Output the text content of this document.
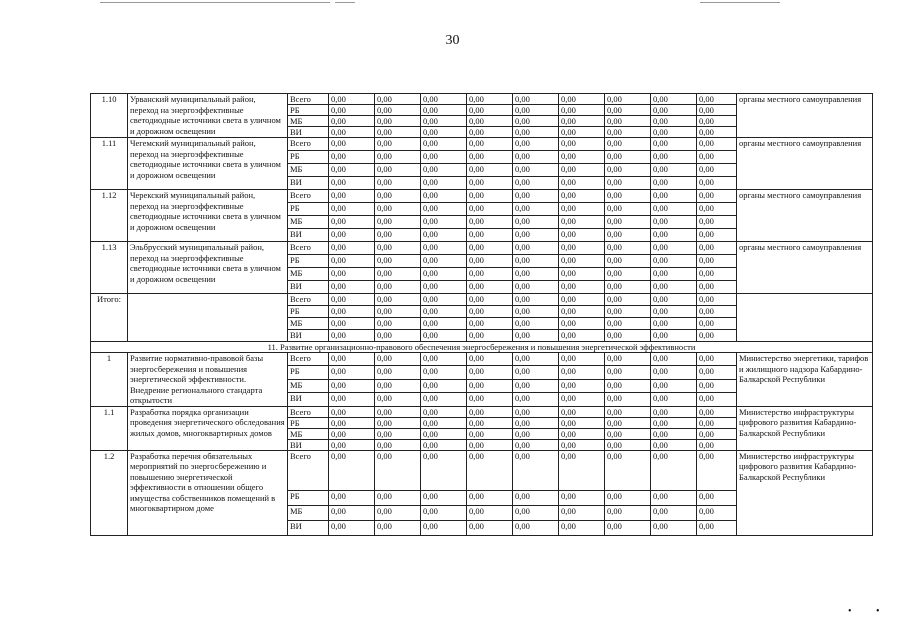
30
1.10	Урванский муниципальный район, переход на энергоэффективные светодиодные источники света в уличном и дорожном освещении	Всего	0,00	0,00	0,00	0,00	0,00	0,00	0,00	0,00	0,00	органы местного самоуправления
		РБ	0,00	0,00	0,00	0,00	0,00	0,00	0,00	0,00	0,00	
		МБ	0,00	0,00	0,00	0,00	0,00	0,00	0,00	0,00	0,00	
		ВИ	0,00	0,00	0,00	0,00	0,00	0,00	0,00	0,00	0,00	
1.11	Чегемский муниципальный район, переход на энергоэффективные светодиодные источники света в уличном и дорожном освещении	Всего	0,00	0,00	0,00	0,00	0,00	0,00	0,00	0,00	0,00	органы местного самоуправления
		РБ	0,00	0,00	0,00	0,00	0,00	0,00	0,00	0,00	0,00	
		МБ	0,00	0,00	0,00	0,00	0,00	0,00	0,00	0,00	0,00	
		ВИ	0,00	0,00	0,00	0,00	0,00	0,00	0,00	0,00	0,00	
1.12	Черекский муниципальный район, переход на энергоэффективные светодиодные источники света в уличном и дорожном освещении	Всего	0,00	0,00	0,00	0,00	0,00	0,00	0,00	0,00	0,00	органы местного самоуправления
		РБ	0,00	0,00	0,00	0,00	0,00	0,00	0,00	0,00	0,00	
		МБ	0,00	0,00	0,00	0,00	0,00	0,00	0,00	0,00	0,00	
		ВИ	0,00	0,00	0,00	0,00	0,00	0,00	0,00	0,00	0,00	
1.13	Эльбрусский муниципальный район, переход на энергоэффективные светодиодные источники света в уличном и дорожном освещении	Всего	0,00	0,00	0,00	0,00	0,00	0,00	0,00	0,00	0,00	органы местного самоуправления
		РБ	0,00	0,00	0,00	0,00	0,00	0,00	0,00	0,00	0,00	
		МБ	0,00	0,00	0,00	0,00	0,00	0,00	0,00	0,00	0,00	
		ВИ	0,00	0,00	0,00	0,00	0,00	0,00	0,00	0,00	0,00	
Итого:		Всего	0,00	0,00	0,00	0,00	0,00	0,00	0,00	0,00	0,00	
		РБ	0,00	0,00	0,00	0,00	0,00	0,00	0,00	0,00	0,00	
		МБ	0,00	0,00	0,00	0,00	0,00	0,00	0,00	0,00	0,00	
		ВИ	0,00	0,00	0,00	0,00	0,00	0,00	0,00	0,00	0,00	
11. Развитие организационно-правового обеспечения энергосбережения и повышения энергетической эффективности												
1	Развитие нормативно-правовой базы энергосбережения и повышения энергетической эффективности. Внедрение регионального стандарта открытости	Всего	0,00	0,00	0,00	0,00	0,00	0,00	0,00	0,00	0,00	Министерство энергетики, тарифов и жилищного надзора Кабардино-Балкарской Республики
		РБ	0,00	0,00	0,00	0,00	0,00	0,00	0,00	0,00	0,00	
		МБ	0,00	0,00	0,00	0,00	0,00	0,00	0,00	0,00	0,00	
		ВИ	0,00	0,00	0,00	0,00	0,00	0,00	0,00	0,00	0,00	
1.1	Разработка порядка организации проведения энергетического обследования жилых домов, многоквартирных домов	Всего	0,00	0,00	0,00	0,00	0,00	0,00	0,00	0,00	0,00	Министерство инфраструктуры цифрового развития Кабардино-Балкарской Республики
		РБ	0,00	0,00	0,00	0,00	0,00	0,00	0,00	0,00	0,00	
		МБ	0,00	0,00	0,00	0,00	0,00	0,00	0,00	0,00	0,00	
		ВИ	0,00	0,00	0,00	0,00	0,00	0,00	0,00	0,00	0,00	
1.2	Разработка перечня обязательных мероприятий по энергосбережению и повышению энергетической эффективности в отношении общего имущества собственников помещений в многоквартирном доме	Всего	0,00	0,00	0,00	0,00	0,00	0,00	0,00	0,00	0,00	Министерство инфраструктуры цифрового развития Кабардино-Балкарской Республики
		РБ	0,00	0,00	0,00	0,00	0,00	0,00	0,00	0,00	0,00	
		МБ	0,00	0,00	0,00	0,00	0,00	0,00	0,00	0,00	0,00	
		ВИ	0,00	0,00	0,00	0,00	0,00	0,00	0,00	0,00	0,00	
• •
